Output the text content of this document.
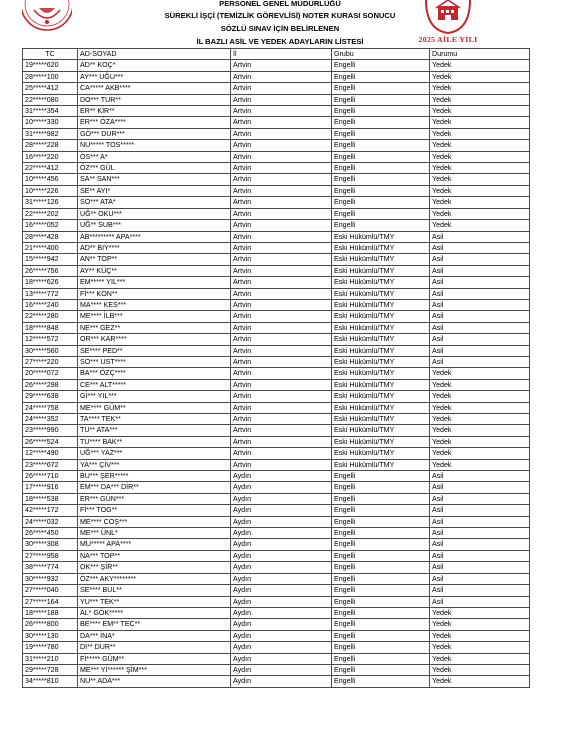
PERSONEL GENEL MÜDÜRLÜĞÜ
SÜREKLİ İŞÇİ (TEMİZLİK GÖREVLİSİ) NOTER KURASI SONUCU
SÖZLÜ SINAV İÇİN BELİRLENEN
İL BAZLI ASİL VE YEDEK ADAYLARIN LİSTESİ	2025 AİLE YILI
TC	AD-SOYAD	İl	Grubu	Durumu
19*****620	AD** KOÇ*	Artvin	Engelli	Yedek
28*****100	AY*** UĞU***	Artvin	Engelli	Yedek
25*****412	CA***** AKB****	Artvin	Engelli	Yedek
22*****080	DO*** TUR**	Artvin	Engelli	Yedek
31*****354	ER** KİR**	Artvin	Engelli	Yedek
10*****330	ER*** ÖZA****	Artvin	Engelli	Yedek
31*****982	GÖ*** DUR***	Artvin	Engelli	Yedek
28*****228	NU***** TOS*****	Artvin	Engelli	Yedek
16*****220	OS*** A*	Artvin	Engelli	Yedek
22*****412	ÖZ*** GÜL	Artvin	Engelli	Yedek
10*****456	SA** SAN***	Artvin	Engelli	Yedek
10*****226	SE** AYI*	Artvin	Engelli	Yedek
31*****126	SO*** ATA*	Artvin	Engelli	Yedek
22*****202	UĞ** OKU***	Artvin	Engelli	Yedek
16*****052	UĞ** SUB***	Artvin	Engelli	Yedek
28*****428	AB********* APA****	Artvin	Eski Hükümlü/TMY	Asil
21*****400	AD** BIY****	Artvin	Eski Hükümlü/TMY	Asil
15*****942	AN** TOP**	Artvin	Eski Hükümlü/TMY	Asil
26*****756	AY** KÜÇ**	Artvin	Eski Hükümlü/TMY	Asil
18*****626	EM***** YIL***	Artvin	Eski Hükümlü/TMY	Asil
13*****772	Fİ*** KON**	Artvin	Eski Hükümlü/TMY	Asil
16*****240	MA**** KES***	Artvin	Eski Hükümlü/TMY	Asil
22*****280	ME**** İLB***	Artvin	Eski Hükümlü/TMY	Asil
18*****848	NE*** GEZ**	Artvin	Eski Hükümlü/TMY	Asil
12*****572	OR*** KAR****	Artvin	Eski Hükümlü/TMY	Asil
30*****560	SE**** PED**	Artvin	Eski Hükümlü/TMY	Asil
27*****220	SO*** UST****	Artvin	Eski Hükümlü/TMY	Asil
20*****072	BA*** ÖZÇ****	Artvin	Eski Hükümlü/TMY	Yedek
26*****298	CE*** ALT*****	Artvin	Eski Hükümlü/TMY	Yedek
29*****638	Gİ*** YIL***	Artvin	Eski Hükümlü/TMY	Yedek
24*****758	ME**** GÜM**	Artvin	Eski Hükümlü/TMY	Yedek
24*****352	TA**** TEK**	Artvin	Eski Hükümlü/TMY	Yedek
23*****990	TU** ATA***	Artvin	Eski Hükümlü/TMY	Yedek
26*****524	TU**** BAK**	Artvin	Eski Hükümlü/TMY	Yedek
12*****490	UĞ*** YAZ***	Artvin	Eski Hükümlü/TMY	Yedek
23*****672	YA*** ÇİV***	Artvin	Eski Hükümlü/TMY	Yedek
26*****710	BU*** ŞER*****	Aydın	Engelli	Asil
17*****916	EM*** DA*** DİR**	Aydın	Engelli	Asil
18*****538	ER*** GÜN***	Aydın	Engelli	Asil
42*****172	Fİ*** TOG**	Aydın	Engelli	Asil
24*****032	ME**** COŞ***	Aydın	Engelli	Asil
26*****450	ME*** ÜNL*	Aydın	Engelli	Asil
30*****308	MU***** APA****	Aydın	Engelli	Asil
27*****958	NA*** TOP**	Aydın	Engelli	Asil
38*****774	OK*** ŞİR**	Aydın	Engelli	Asil
30*****932	ÖZ*** AKY********	Aydın	Engelli	Asil
27*****040	SE**** BUL**	Aydın	Engelli	Asil
27*****164	YU*** TEK**	Aydın	Engelli	Asil
18*****188	AL* GÖK*****	Aydın	Engelli	Yedek
26*****800	BE**** EM** TEC**	Aydın	Engelli	Yedek
30*****130	DA*** İNA*	Aydın	Engelli	Yedek
19*****780	Dİ** DUR**	Aydın	Engelli	Yedek
31*****210	Fİ***** GÜM**	Aydın	Engelli	Yedek
29*****728	ME*** Yİ****** ŞİM***	Aydın	Engelli	Yedek
34*****810	NU** ADA***	Aydın	Engelli	Yedek
